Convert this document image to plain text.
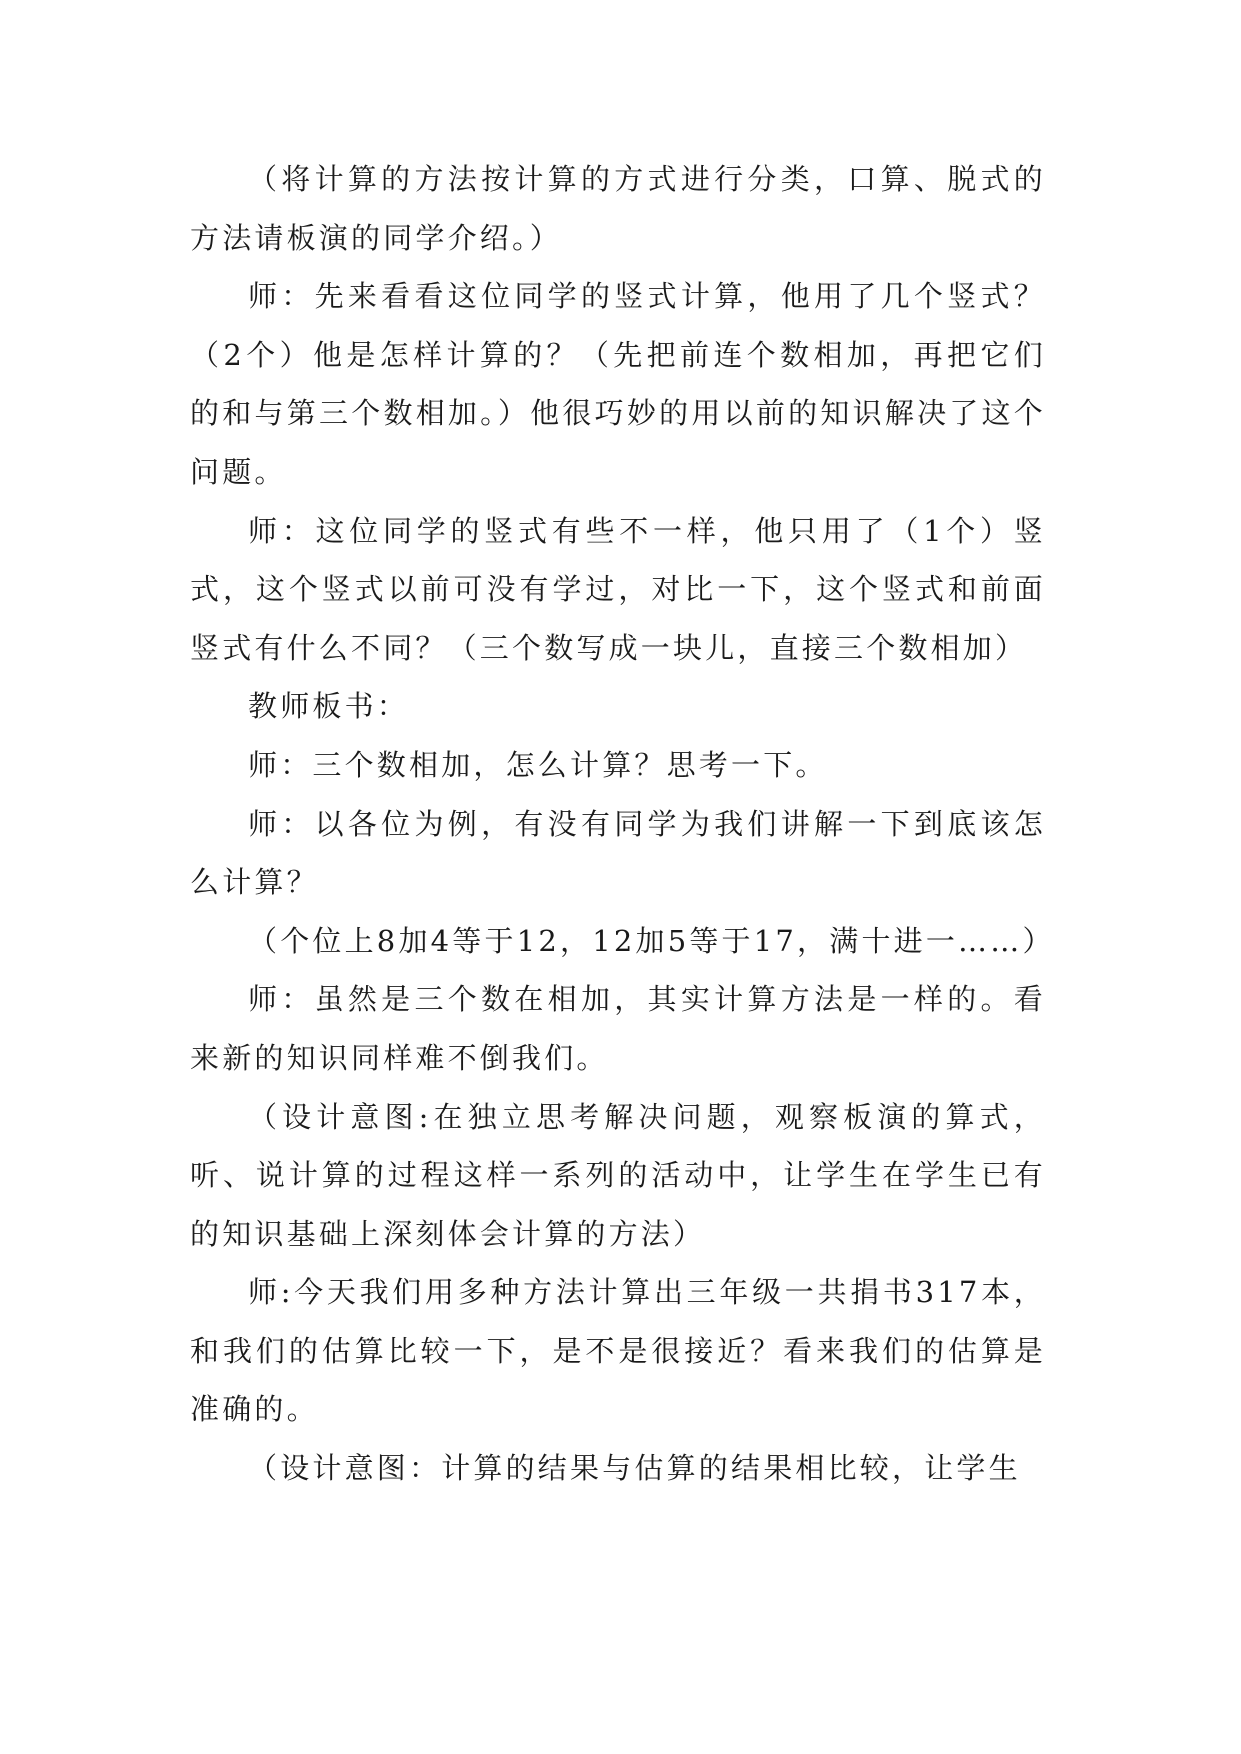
（将计算的方法按计算的方式进行分类，口算、脱式的方法请板演的同学介绍。）

师：先来看看这位同学的竖式计算，他用了几个竖式？（2个）他是怎样计算的？（先把前连个数相加，再把它们的和与第三个数相加。）他很巧妙的用以前的知识解决了这个问题。

师：这位同学的竖式有些不一样，他只用了（1个）竖式，这个竖式以前可没有学过，对比一下，这个竖式和前面竖式有什么不同？（三个数写成一块儿，直接三个数相加）

教师板书：

师：三个数相加，怎么计算？思考一下。

师：以各位为例，有没有同学为我们讲解一下到底该怎么计算？

（个位上8加4等于12，12加5等于17，满十进一……）

师：虽然是三个数在相加，其实计算方法是一样的。看来新的知识同样难不倒我们。

（设计意图:在独立思考解决问题，观察板演的算式，听、说计算的过程这样一系列的活动中，让学生在学生已有的知识基础上深刻体会计算的方法）

师:今天我们用多种方法计算出三年级一共捐书317本，和我们的估算比较一下，是不是很接近？看来我们的估算是准确的。

（设计意图：计算的结果与估算的结果相比较，让学生
